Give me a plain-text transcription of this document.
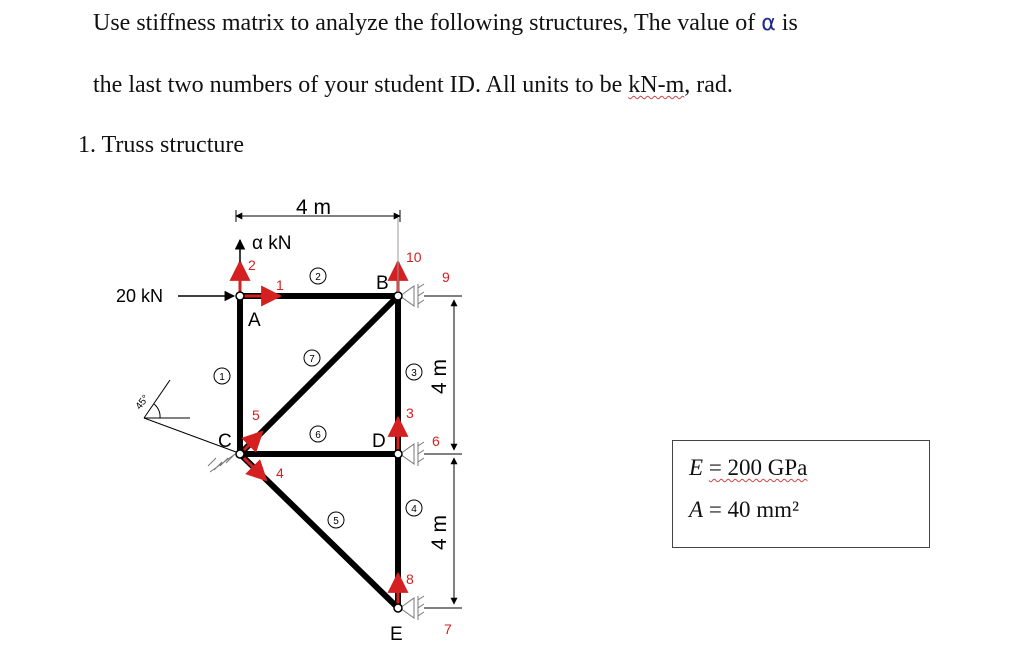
Use stiffness matrix to analyze the following structures, The value of α is
the last two numbers of your student ID. All units to be kN-m, rad.
1. Truss structure
4 m
4 m
4 m
α kN
20 kN
45°
A
B
C	D
E
2
1	3
4
5
6
7
1
2
3
4
5
6
7
8
9
10
E = 200 GPa
A = 40 mm²
